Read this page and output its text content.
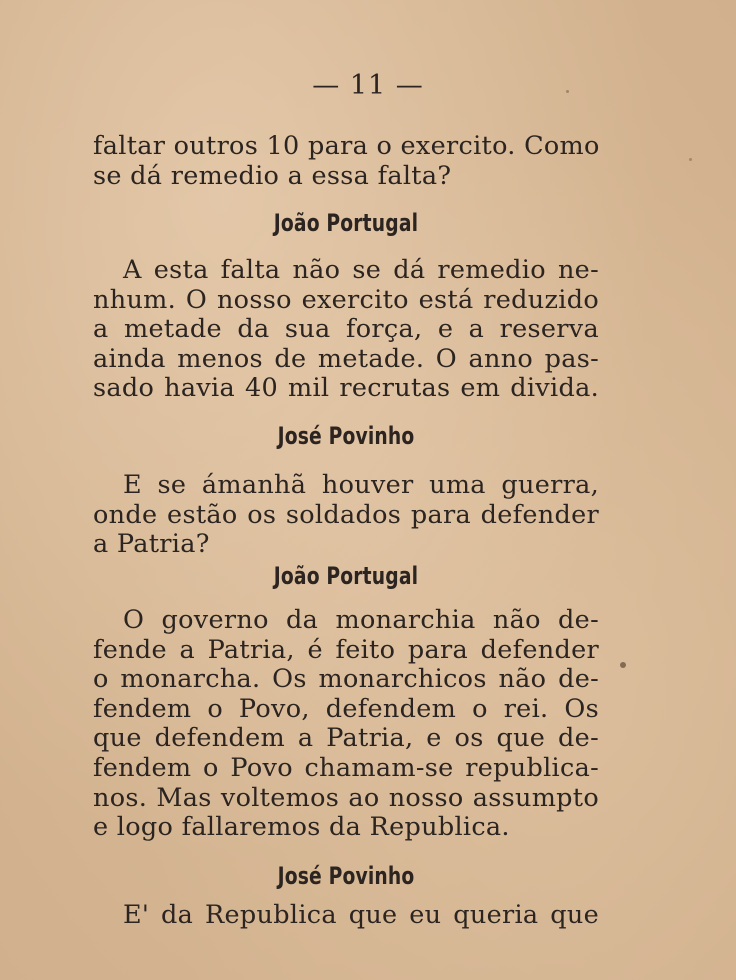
— 11 —

faltar outros 10 para o exercito. Como
se dá remedio a essa falta?

João Portugal

A esta falta não se dá remedio ne-
nhum. O nosso exercito está reduzido
a metade da sua força, e a reserva
ainda menos de metade. O anno pas-
sado havia 40 mil recrutas em divida.

José Povinho

E se ámanhã houver uma guerra,
onde estão os soldados para defender
a Patria?

João Portugal

O governo da monarchia não de-
fende a Patria, é feito para defender
o monarcha. Os monarchicos não de-
fendem o Povo, defendem o rei. Os
que defendem a Patria, e os que de-
fendem o Povo chamam-se republica-
nos. Mas voltemos ao nosso assumpto
e logo fallaremos da Republica.

José Povinho

E' da Republica que eu queria que
